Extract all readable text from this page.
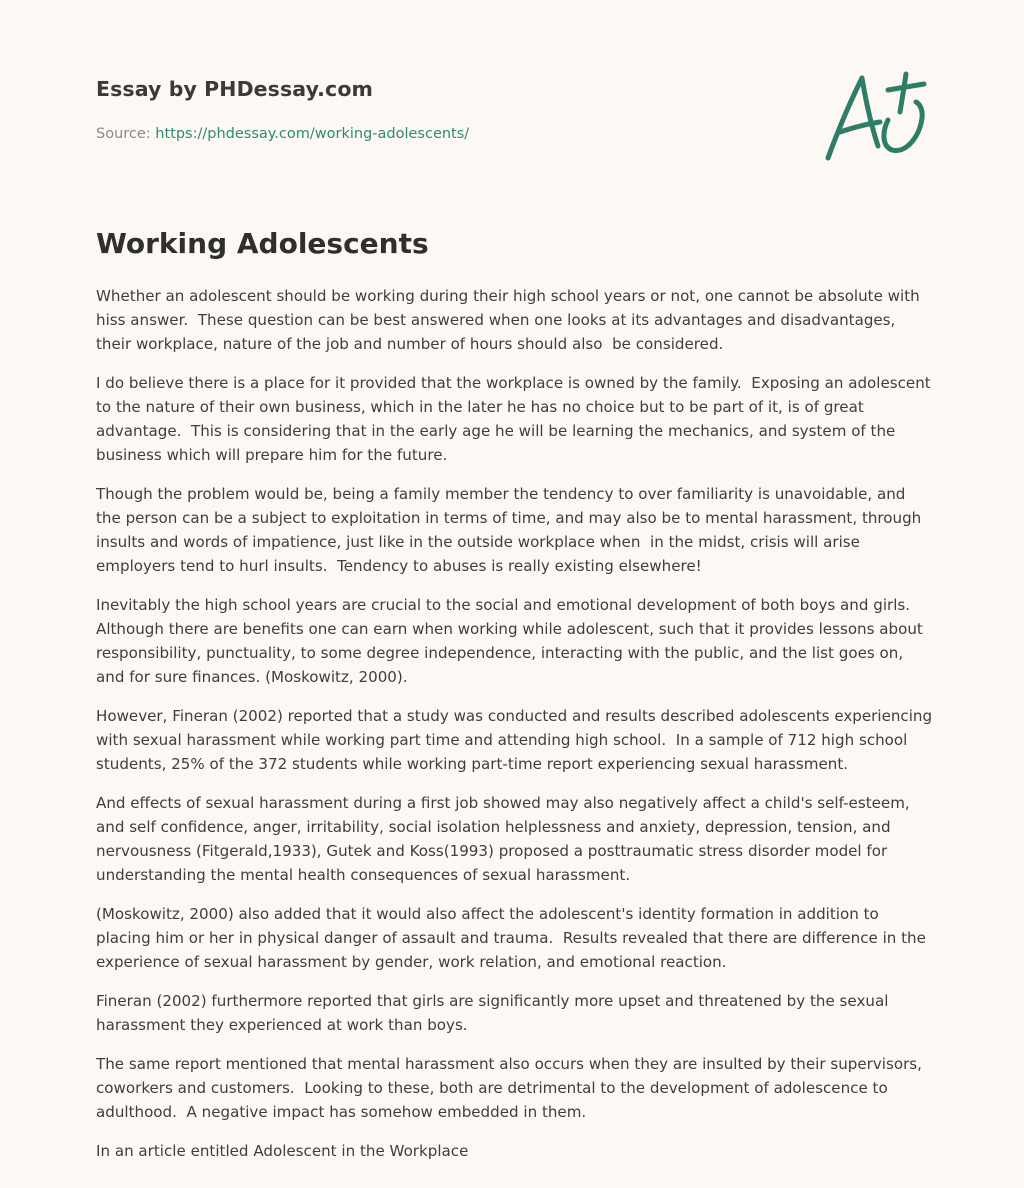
Essay by PHDessay.com
Source: https://phdessay.com/working-adolescents/
Working Adolescents

Whether an adolescent should be working during their high school years or not, one cannot be absolute with hiss answer.  These question can be best answered when one looks at its advantages and disadvantages, their workplace, nature of the job and number of hours should also  be considered.

I do believe there is a place for it provided that the workplace is owned by the family.  Exposing an adolescent to the nature of their own business, which in the later he has no choice but to be part of it, is of great advantage.  This is considering that in the early age he will be learning the mechanics, and system of the business which will prepare him for the future.

Though the problem would be, being a family member the tendency to over familiarity is unavoidable, and the person can be a subject to exploitation in terms of time, and may also be to mental harassment, through insults and words of impatience, just like in the outside workplace when  in the midst, crisis will arise employers tend to hurl insults.  Tendency to abuses is really existing elsewhere!

Inevitably the high school years are crucial to the social and emotional development of both boys and girls.  Although there are benefits one can earn when working while adolescent, such that it provides lessons about responsibility, punctuality, to some degree independence, interacting with the public, and the list goes on, and for sure finances. (Moskowitz, 2000).

However, Fineran (2002) reported that a study was conducted and results described adolescents experiencing with sexual harassment while working part time and attending high school.  In a sample of 712 high school students, 25% of the 372 students while working part-time report experiencing sexual harassment.

And effects of sexual harassment during a first job showed may also negatively affect a child's self-esteem, and self confidence, anger, irritability, social isolation helplessness and anxiety, depression, tension, and nervousness (Fitgerald,1933), Gutek and Koss(1993) proposed a posttraumatic stress disorder model for understanding the mental health consequences of sexual harassment.

(Moskowitz, 2000) also added that it would also affect the adolescent's identity formation in addition to placing him or her in physical danger of assault and trauma.  Results revealed that there are difference in the experience of sexual harassment by gender, work relation, and emotional reaction.

Fineran (2002) furthermore reported that girls are significantly more upset and threatened by the sexual harassment they experienced at work than boys.

The same report mentioned that mental harassment also occurs when they are insulted by their supervisors, coworkers and customers.  Looking to these, both are detrimental to the development of adolescence to adulthood.  A negative impact has somehow embedded in them.

In an article entitled Adolescent in the Workplace
